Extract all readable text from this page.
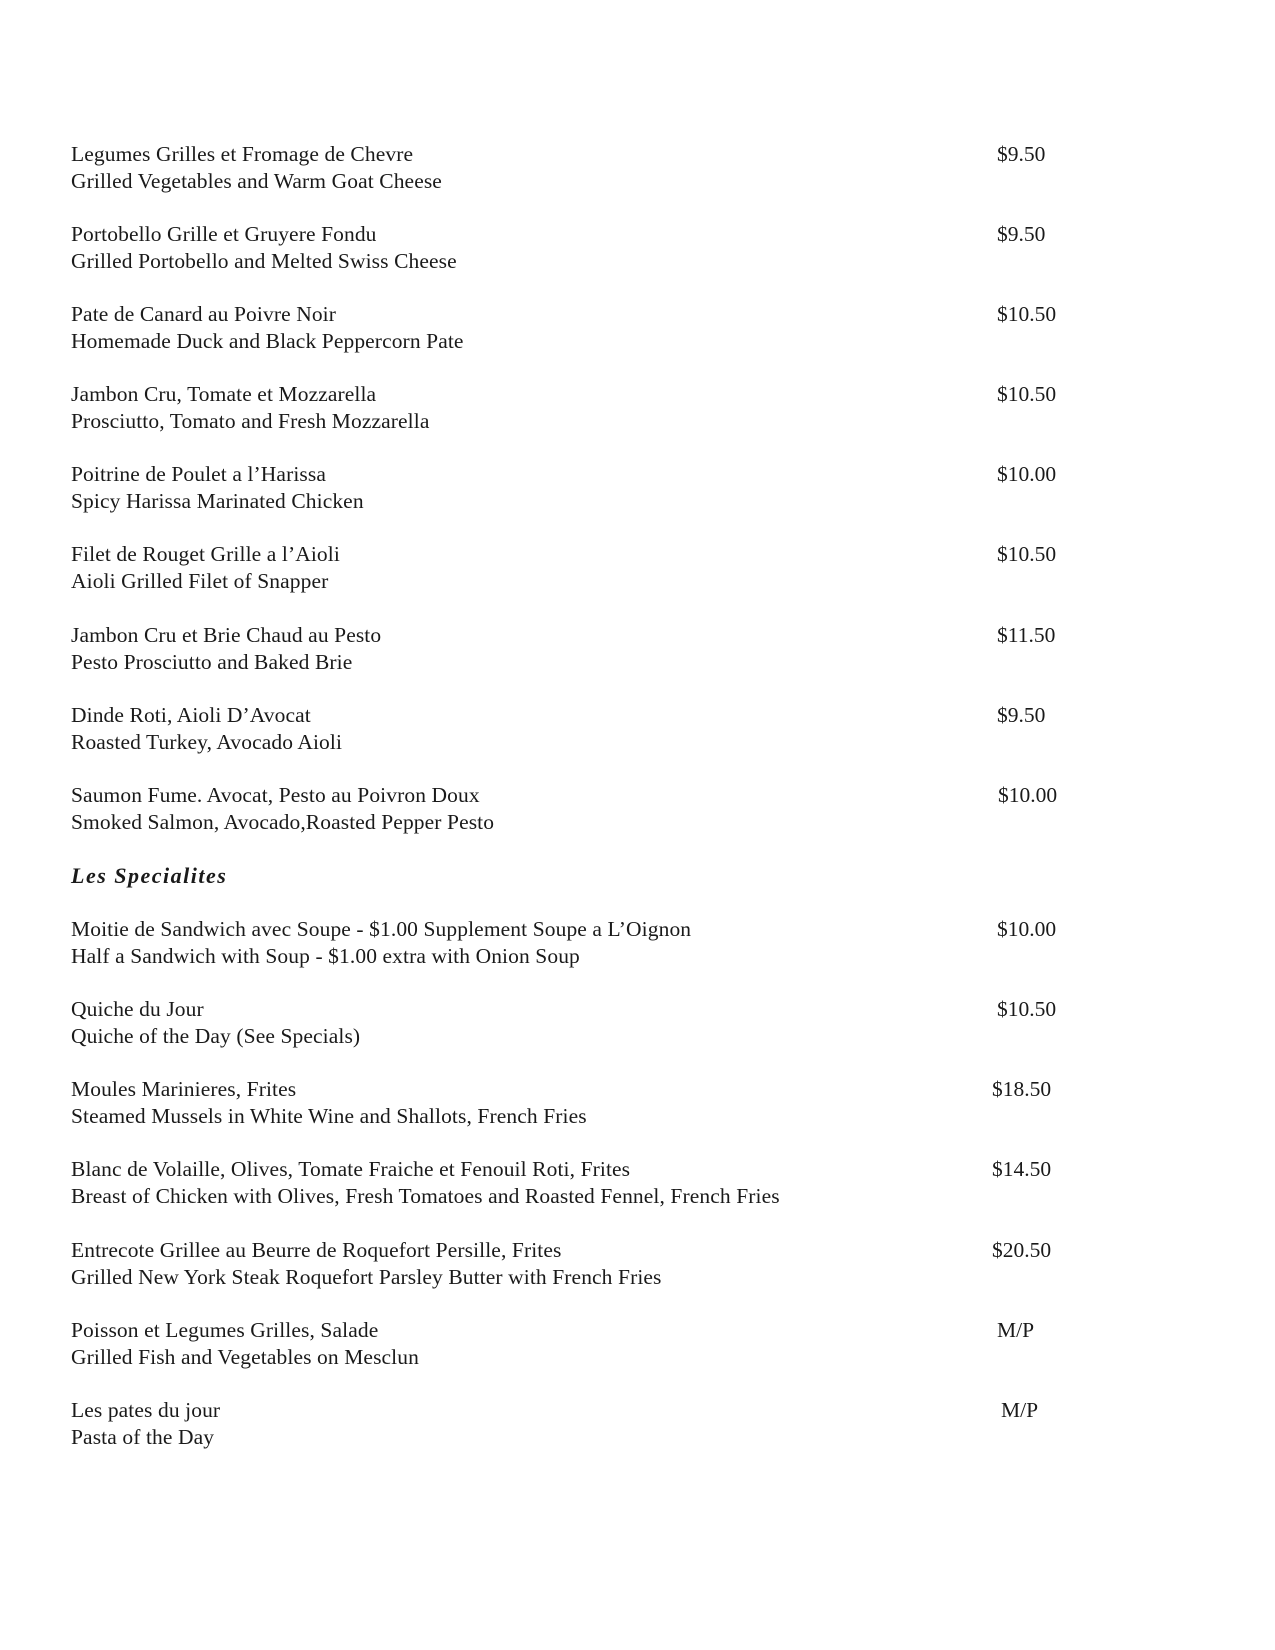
Legumes Grilles et Fromage de Chevre
Grilled Vegetables and Warm Goat Cheese
$9.50
Portobello Grille et Gruyere Fondu
Grilled Portobello and Melted Swiss Cheese
$9.50
Pate de Canard au Poivre Noir
Homemade Duck and Black Peppercorn Pate
$10.50
Jambon Cru, Tomate et Mozzarella
Prosciutto, Tomato and Fresh Mozzarella
$10.50
Poitrine de Poulet a l’Harissa
Spicy Harissa Marinated Chicken
$10.00
Filet de Rouget Grille a l’Aioli
Aioli Grilled Filet of Snapper
$10.50
Jambon Cru et Brie Chaud au Pesto
Pesto Prosciutto and Baked Brie
$11.50
Dinde Roti, Aioli D’Avocat
Roasted Turkey, Avocado Aioli
$9.50
Saumon Fume. Avocat, Pesto au Poivron Doux
Smoked Salmon, Avocado,Roasted Pepper Pesto
$10.00
Les Specialites
Moitie de Sandwich avec Soupe - $1.00 Supplement Soupe a L’Oignon
Half a Sandwich with Soup - $1.00 extra with Onion Soup
$10.00
Quiche du Jour
Quiche of the Day (See Specials)
$10.50
Moules Marinieres, Frites
Steamed Mussels in White Wine and Shallots, French Fries
$18.50
Blanc de Volaille, Olives, Tomate Fraiche et Fenouil Roti, Frites
Breast of Chicken with Olives, Fresh Tomatoes and Roasted Fennel, French Fries
$14.50
Entrecote Grillee au Beurre de Roquefort Persille, Frites
Grilled New York Steak Roquefort Parsley Butter with French Fries
$20.50
Poisson et Legumes Grilles, Salade
Grilled Fish and Vegetables on Mesclun
M/P
Les pates du jour
Pasta of the Day
M/P
